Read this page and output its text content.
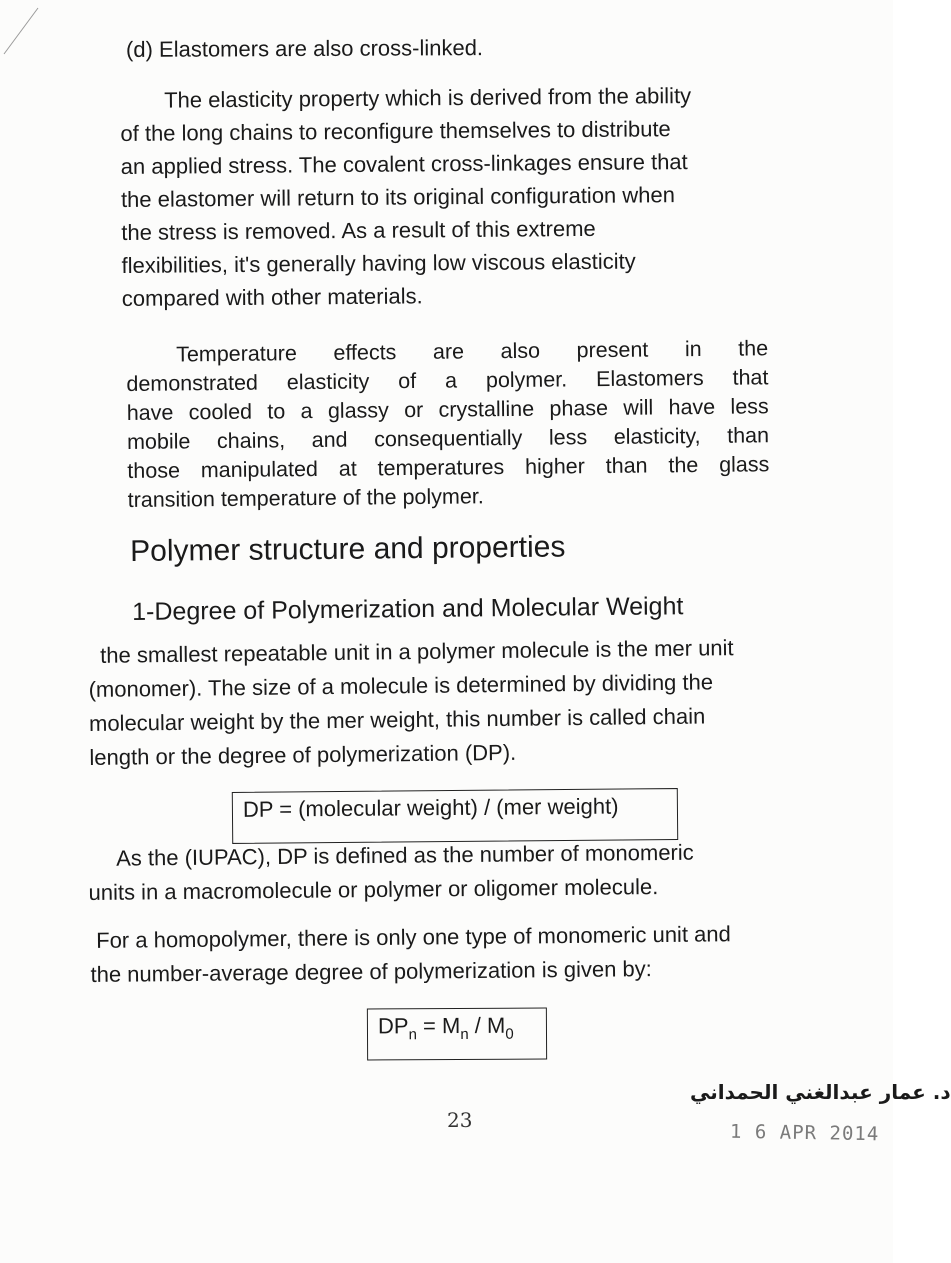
(d) Elastomers are also cross-linked.
The elasticity property which is derived from the ability
of the long chains to reconfigure themselves to distribute
an applied stress. The covalent cross-linkages ensure that
the elastomer will return to its original configuration when
the stress is removed. As a result of this extreme
flexibilities, it's generally having low viscous elasticity
compared with other materials.
Temperature effects are also present in the
demonstrated elasticity of a polymer. Elastomers that
have cooled to a glassy or crystalline phase will have less
mobile chains, and consequentially less elasticity, than
those manipulated at temperatures higher than the glass
transition temperature of the polymer.
Polymer structure and properties
1-Degree of Polymerization and Molecular Weight
the smallest repeatable unit in a polymer molecule is the mer unit
(monomer). The size of a molecule is determined by dividing the
molecular weight by the mer weight, this number is called chain
length or the degree of polymerization (DP).
DP = (molecular weight) / (mer weight)
As the (IUPAC), DP is defined as the number of monomeric
units in a macromolecule or polymer or oligomer molecule.
For a homopolymer, there is only one type of monomeric unit and
the number-average degree of polymerization is given by:
$DP_n = M_n / M_0$
23
د. عمار عبدالغني الحمداني
1 6 APR 2014
